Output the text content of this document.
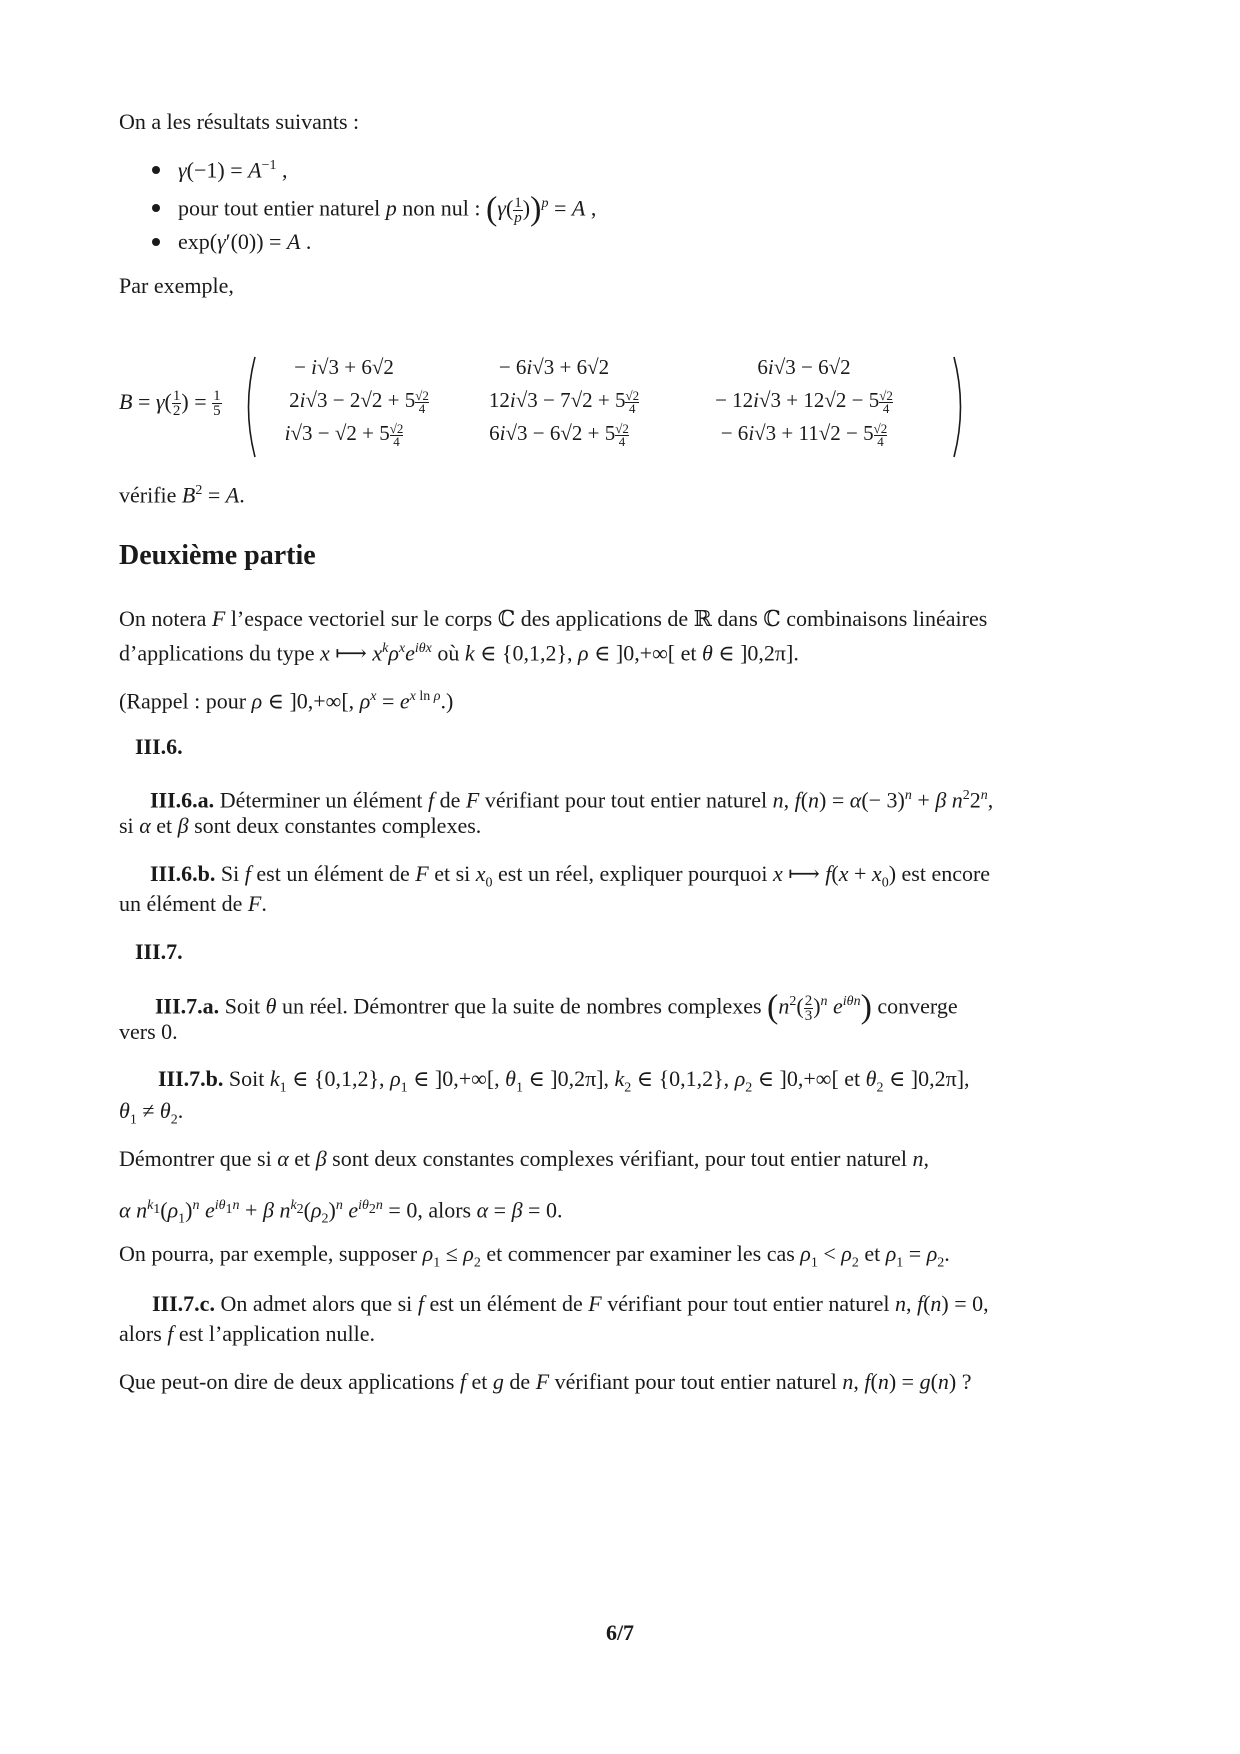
On a les résultats suivants :
$\gamma(-1) = A^{-1}$ ,
pour tout entier naturel p non nul : $(\gamma( \frac{1}{p} ))^p = A$ ,
exp(γ′(0)) = A .
Par exemple,
$B = \gamma( \frac{1}{2}$ ) = $\frac{1}{5}$
− i√3 + 6√2	− 6i√3 + 6√2	6i√3 − 6√2
$2i√3 - 2√2 + 5 \frac{√2}{4}$	$12i√3 - 7√2 + 5 \frac{√2}{4}$	− $12i√3 + 12√2 - 5 \frac{√2}{4}$
$i√3 - √2 + 5 \frac{√2}{4}$	$6i√3 - 6√2 + 5 \frac{√2}{4}$	− $6i√3 + 11√2 - 5 \frac{√2}{4}$
vérifie $B^2 = A$.
Deuxième partie
On notera F l’espace vectoriel sur le corps ℂ des applications de ℝ dans ℂ combinaisons linéaires
d’applications du type x ⟼ $x^k\rho^xe^{i\theta x}$ où k ∈ {0,1,2}, ρ ∈ ]0,+∞[ et θ ∈ ]0,2π].
(Rappel : pour ρ ∈ ]0,+∞[, $\rho^x = e^{x ln \rho}$.)
III.6.
III.6.a. Déterminer un élément f de F vérifiant pour tout entier naturel n, $f(n) = \alpha(- 3)^n + \beta$ $n^22^n$,
si α et β sont deux constantes complexes.
III.6.b. Si f est un élément de F et si $x_0$ est un réel, expliquer pourquoi x ⟼ $f(x + x_0)$ est encore
un élément de F.
III.7.
III.7.a. Soit θ un réel. Démontrer que la suite de nombres complexes ($n^2( \frac{2}{3} )^n$ $e^{i\theta n}$) converge
vers 0.
III.7.b. Soit $k_1$ ∈ {0,1,2}, $\rho_1$ ∈ ]0,+∞[, $\theta_1$ ∈ ]0,2π], $k_2$ ∈ {0,1,2}, $\rho_2$ ∈ ]0,+∞[ et $\theta_2$ ∈ ]0,2π],
$\theta_1 \ne \theta_2$.
Démontrer que si α et β sont deux constantes complexes vérifiant, pour tout entier naturel n,
α $n^{k_1}(\rho_1)^n$ $e^{i\theta_1n} + \beta$ $n^{k_2}(\rho_2)^n$ $e^{i\theta_2n} = 0$, alors α = β = 0.
On pourra, par exemple, supposer $\rho_1 \le \rho_2$ et commencer par examiner les cas $\rho_1 < \rho_2$ et $\rho_1 = \rho_2$.
III.7.c. On admet alors que si f est un élément de F vérifiant pour tout entier naturel n, f(n) = 0,
alors f est l’application nulle.
Que peut-on dire de deux applications f et g de F vérifiant pour tout entier naturel n, f(n) = g(n) ?
6/7
